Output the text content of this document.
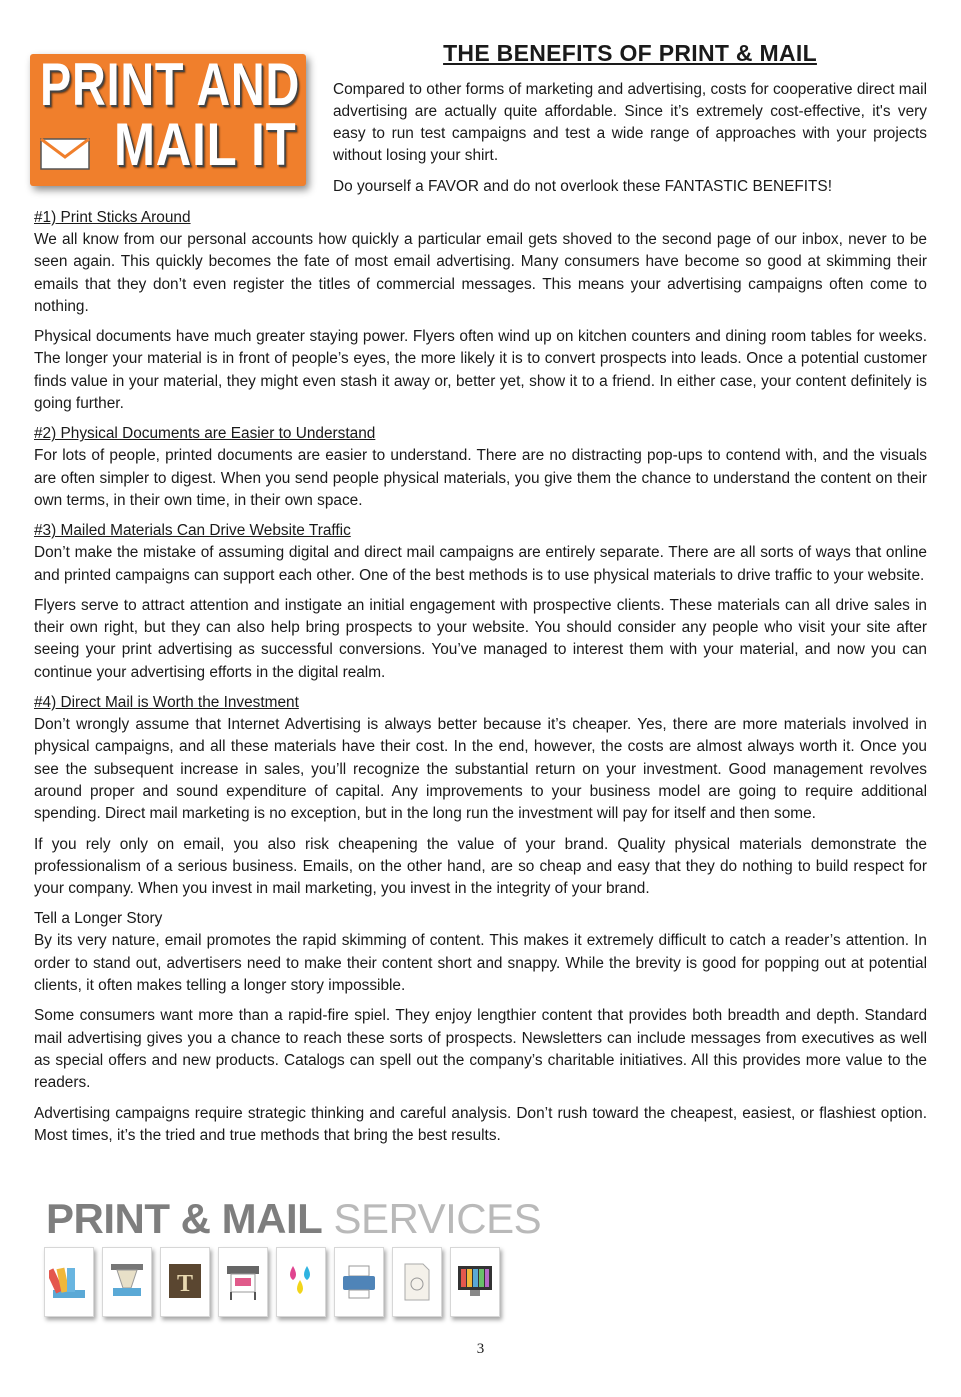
PRINT AND
MAIL IT
THE BENEFITS OF PRINT & MAIL

Compared to other forms of marketing and advertising, costs for cooperative direct mail advertising are actually quite affordable. Since it’s extremely cost-effective, it's very easy to run test campaigns and test a wide range of approaches with your projects without losing your shirt.

Do yourself a FAVOR and do not overlook these FANTASTIC BENEFITS!

#1) Print Sticks Around

We all know from our personal accounts how quickly a particular email gets shoved to the second page of our inbox, never to be seen again. This quickly becomes the fate of most email advertising. Many consumers have become so good at skimming their emails that they don’t even register the titles of commercial messages. This means your advertising campaigns often come to nothing.

Physical documents have much greater staying power. Flyers often wind up on kitchen counters and dining room tables for weeks. The longer your material is in front of people’s eyes, the more likely it is to convert prospects into leads. Once a potential customer finds value in your material, they might even stash it away or, better yet, show it to a friend. In either case, your content definitely is going further.

#2) Physical Documents are Easier to Understand

For lots of people, printed documents are easier to understand. There are no distracting pop-ups to contend with, and the visuals are often simpler to digest. When you send people physical materials, you give them the chance to understand the content on their own terms, in their own time, in their own space.

#3) Mailed Materials Can Drive Website Traffic

Don’t make the mistake of assuming digital and direct mail campaigns are entirely separate. There are all sorts of ways that online and printed campaigns can support each other. One of the best methods is to use physical materials to drive traffic to your website.

Flyers serve to attract attention and instigate an initial engagement with prospective clients. These materials can all drive sales in their own right, but they can also help bring prospects to your website. You should consider any people who visit your site after seeing your print advertising as successful conversions. You’ve managed to interest them with your material, and now you can continue your advertising efforts in the digital realm.

#4) Direct Mail is Worth the Investment

Don’t wrongly assume that Internet Advertising is always better because it’s cheaper. Yes, there are more materials involved in physical campaigns, and all these materials have their cost. In the end, however, the costs are almost always worth it. Once you see the subsequent increase in sales, you’ll recognize the substantial return on your investment. Good management revolves around proper and sound expenditure of capital. Any improvements to your business model are going to require additional spending. Direct mail marketing is no exception, but in the long run the investment will pay for itself and then some.

If you rely only on email, you also risk cheapening the value of your brand. Quality physical materials demonstrate the professionalism of a serious business. Emails, on the other hand, are so cheap and easy that they do nothing to build respect for your company. When you invest in mail marketing, you invest in the integrity of your brand.

Tell a Longer Story

By its very nature, email promotes the rapid skimming of content. This makes it extremely difficult to catch a reader’s attention. In order to stand out, advertisers need to make their content short and snappy. While the brevity is good for popping out at potential clients, it often makes telling a longer story impossible.

Some consumers want more than a rapid-fire spiel. They enjoy lengthier content that provides both breadth and depth. Standard mail advertising gives you a chance to reach these sorts of prospects. Newsletters can include messages from executives as well as special offers and new products. Catalogs can spell out the company’s charitable initiatives. All this provides more value to the readers.

Advertising campaigns require strategic thinking and careful analysis. Don’t rush toward the cheapest, easiest, or flashiest option. Most times, it’s the tried and true methods that bring the best results.

PRINT & MAIL SERVICES
T
3
